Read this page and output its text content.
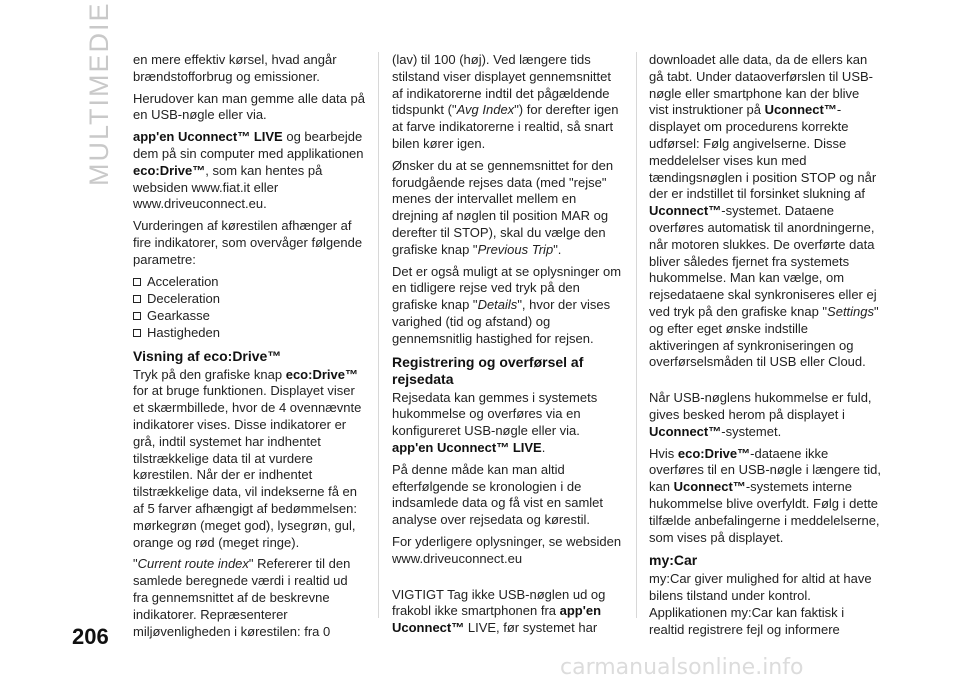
MULTIMEDIE en mere effektiv kørsel, hvad angår brændstofforbrug og emissioner.

Herudover kan man gemme alle data på en USB-nøgle eller via.

app'en Uconnect™ LIVE og bearbejde dem på sin computer med applikationen eco:Drive™, som kan hentes på websiden www.fiat.it eller www.driveuconnect.eu.

Vurderingen af kørestilen afhænger af fire indikatorer, som overvåger følgende parametre:

Acceleration
Deceleration
Gearkasse
Hastigheden
Visning af eco:Drive™

Tryk på den grafiske knap eco:Drive™ for at bruge funktionen. Displayet viser et skærmbillede, hvor de 4 ovennævnte indikatorer vises. Disse indikatorer er grå, indtil systemet har indhentet tilstrækkelige data til at vurdere kørestilen. Når der er indhentet tilstrækkelige data, vil indekserne få en af 5 farver afhængigt af bedømmelsen: mørkegrøn (meget god), lysegrøn, gul, orange og rød (meget ringe).

"Current route index" Refererer til den samlede beregnede værdi i realtid ud fra gennemsnittet af de beskrevne indikatorer. Repræsenterer miljøvenligheden i kørestilen: fra 0

(lav) til 100 (høj). Ved længere tids stilstand viser displayet gennemsnittet af indikatorerne indtil det pågældende tidspunkt ("Avg Index") for derefter igen at farve indikatorerne i realtid, så snart bilen kører igen.

Ønsker du at se gennemsnittet for den forudgående rejses data (med "rejse" menes der intervallet mellem en drejning af nøglen til position MAR og derefter til STOP), skal du vælge den grafiske knap "Previous Trip".

Det er også muligt at se oplysninger om en tidligere rejse ved tryk på den grafiske knap "Details", hvor der vises varighed (tid og afstand) og gennemsnitlig hastighed for rejsen.

Registrering og overførsel af rejsedata

Rejsedata kan gemmes i systemets hukommelse og overføres via en konfigureret USB-nøgle eller via.

app'en Uconnect™ LIVE.

På denne måde kan man altid efterfølgende se kronologien i de indsamlede data og få vist en samlet analyse over rejsedata og kørestil.

For yderligere oplysninger, se websiden www.driveuconnect.eu

VIGTIGT Tag ikke USB-nøglen ud og frakobl ikke smartphonen fra app'en Uconnect™ LIVE, før systemet har

downloadet alle data, da de ellers kan gå tabt. Under dataoverførslen til USB-nøgle eller smartphone kan der blive vist instruktioner på Uconnect™-displayet om procedurens korrekte udførsel: Følg angivelserne. Disse meddelelser vises kun med tændingsnøglen i position STOP og når der er indstillet til forsinket slukning af Uconnect™-systemet. Dataene overføres automatisk til anordningerne, når motoren slukkes. De overførte data bliver således fjernet fra systemets hukommelse. Man kan vælge, om rejsedataene skal synkroniseres eller ej ved tryk på den grafiske knap "Settings" og efter eget ønske indstille aktiveringen af synkroniseringen og overførselsmåden til USB eller Cloud.

Når USB-nøglens hukommelse er fuld, gives besked herom på displayet i Uconnect™-systemet.

Hvis eco:Drive™-dataene ikke overføres til en USB-nøgle i længere tid, kan Uconnect™-systemets interne hukommelse blive overfyldt. Følg i dette tilfælde anbefalingerne i meddelelserne, som vises på displayet.

my:Car

my:Car giver mulighed for altid at have bilens tilstand under kontrol. Applikationen my:Car kan faktisk i realtid registrere fejl og informere

206
carmanualsonline.info
